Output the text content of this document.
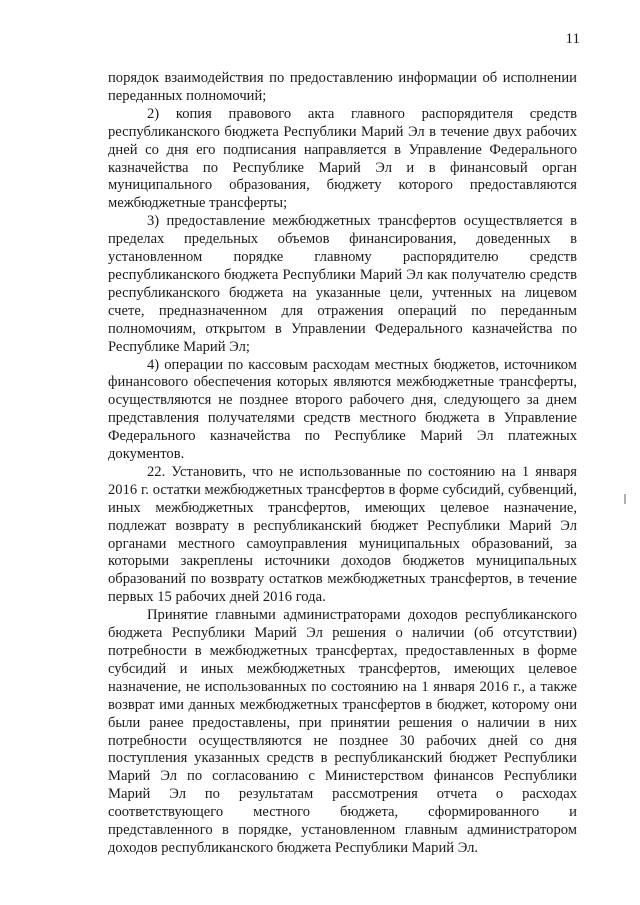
11

порядок взаимодействия по предоставлению информации об исполнении переданных полномочий;

2) копия правового акта главного распорядителя средств республиканского бюджета Республики Марий Эл в течение двух рабочих дней со дня его подписания направляется в Управление Федерального казначейства по Республике Марий Эл и в финансовый орган муниципального образования, бюджету которого предоставляются межбюджетные трансферты;

3) предоставление межбюджетных трансфертов осуществляется в пределах предельных объемов финансирования, доведенных в установленном порядке главному распорядителю средств республиканского бюджета Республики Марий Эл как получателю средств республиканского бюджета на указанные цели, учтенных на лицевом счете, предназначенном для отражения операций по переданным полномочиям, открытом в Управлении Федерального казначейства по Республике Марий Эл;

4) операции по кассовым расходам местных бюджетов, источником финансового обеспечения которых являются межбюджетные трансферты, осуществляются не позднее второго рабочего дня, следующего за днем представления получателями средств местного бюджета в Управление Федерального казначейства по Республике Марий Эл платежных документов.

22. Установить, что не использованные по состоянию на 1 января 2016 г. остатки межбюджетных трансфертов в форме субсидий, субвенций, иных межбюджетных трансфертов, имеющих целевое назначение, подлежат возврату в республиканский бюджет Республики Марий Эл органами местного самоуправления муниципальных образований, за которыми закреплены источники доходов бюджетов муниципальных образований по возврату остатков межбюджетных трансфертов, в течение первых 15 рабочих дней 2016 года.

Принятие главными администраторами доходов республиканского бюджета Республики Марий Эл решения о наличии (об отсутствии) потребности в межбюджетных трансфертах, предоставленных в форме субсидий и иных межбюджетных трансфертов, имеющих целевое назначение, не использованных по состоянию на 1 января 2016 г., а также возврат ими данных межбюджетных трансфертов в бюджет, которому они были ранее предоставлены, при принятии решения о наличии в них потребности осуществляются не позднее 30 рабочих дней со дня поступления указанных средств в республиканский бюджет Республики Марий Эл по согласованию с Министерством финансов Республики Марий Эл по результатам рассмотрения отчета о расходах соответствующего местного бюджета, сформированного и представленного в порядке, установленном главным администратором доходов республиканского бюджета Республики Марий Эл.
